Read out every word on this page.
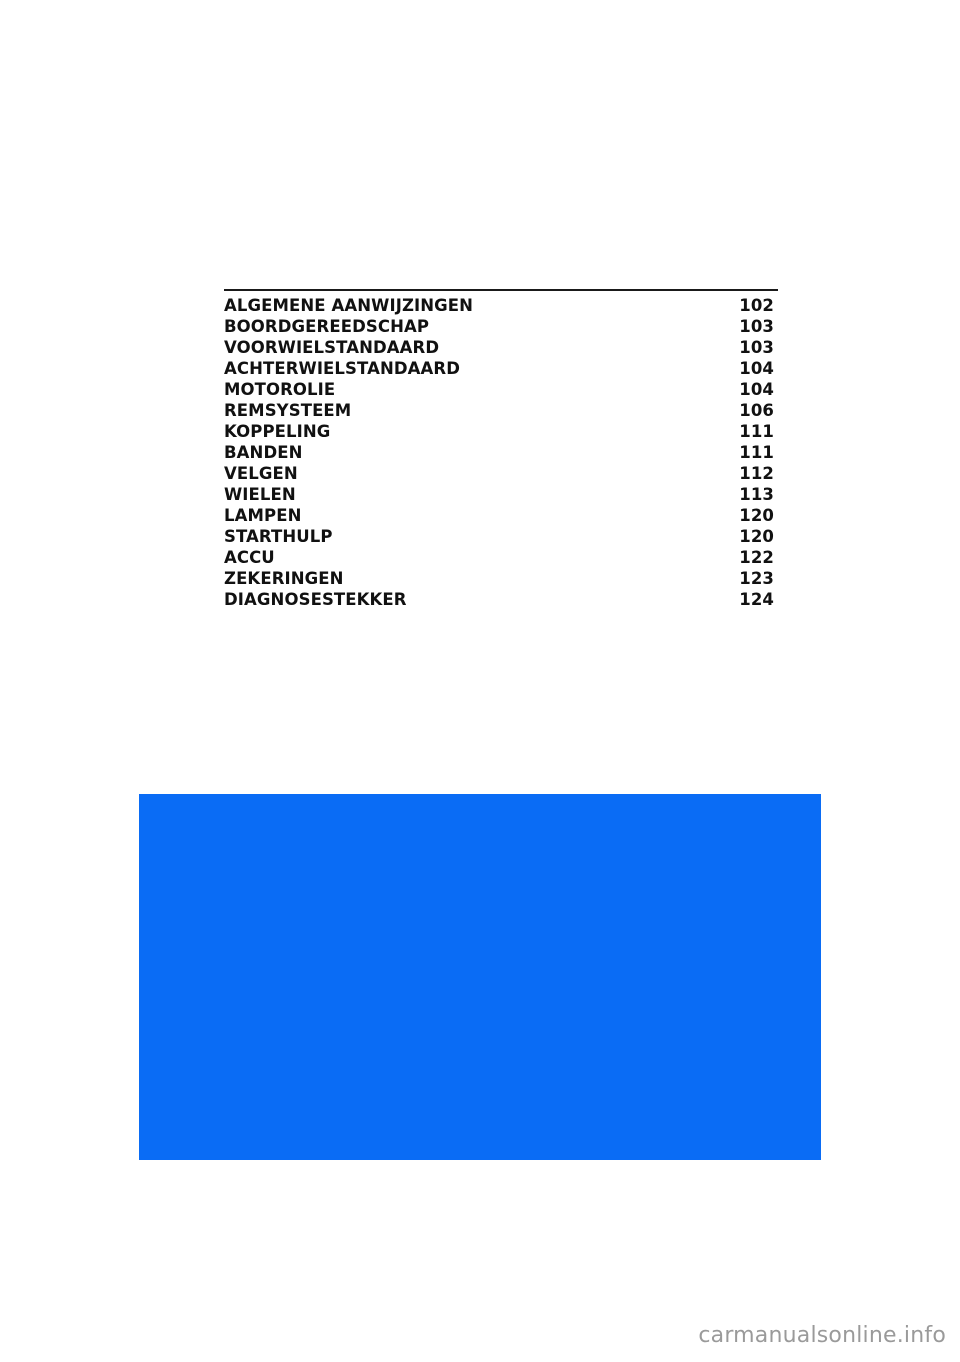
ALGEMENE AANWIJZINGEN	102
BOORDGEREEDSCHAP	103
VOORWIELSTANDAARD	103
ACHTERWIELSTANDAARD	104
MOTOROLIE	104
REMSYSTEEM	106
KOPPELING	111
BANDEN	111
VELGEN	112
WIELEN	113
LAMPEN	120
STARTHULP	120
ACCU	122
ZEKERINGEN	123
DIAGNOSESTEKKER	124
carmanualsonline.info
